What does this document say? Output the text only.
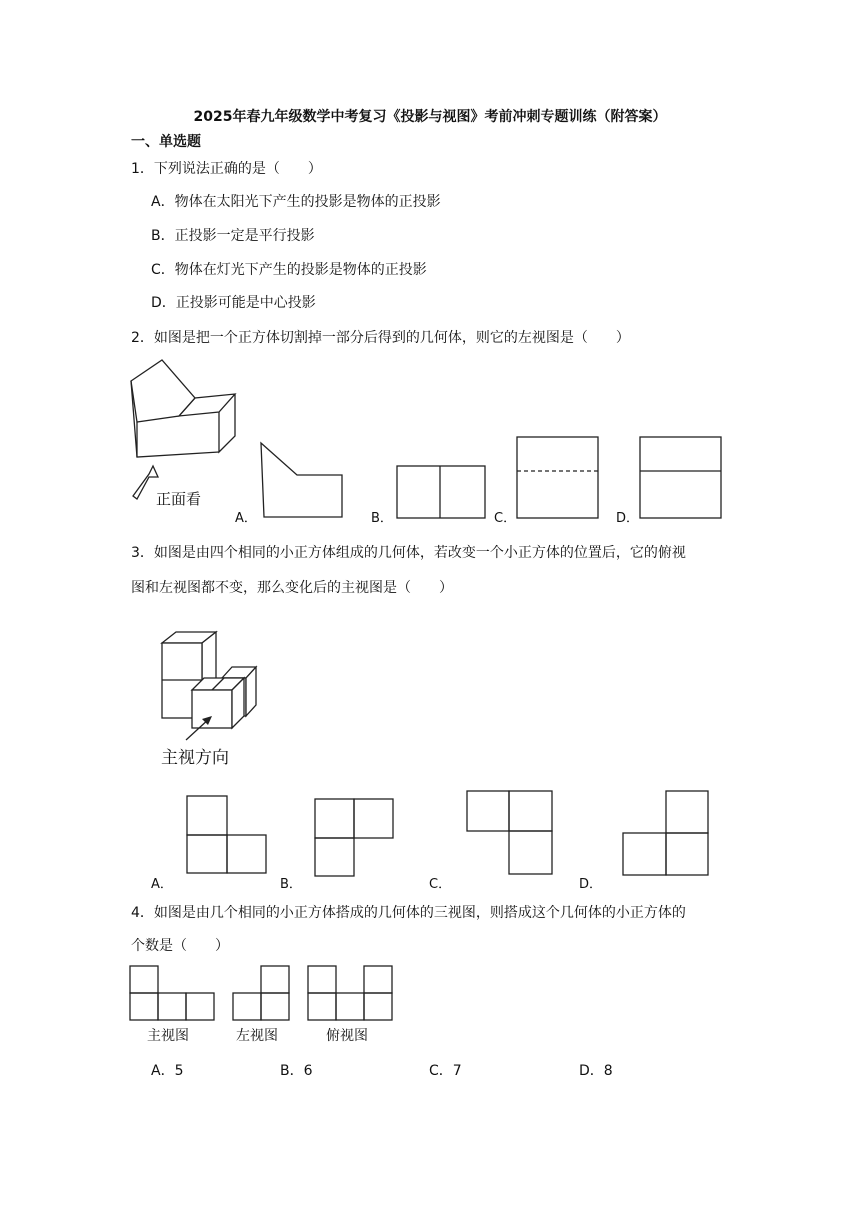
2025年春九年级数学中考复习《投影与视图》考前冲刺专题训练（附答案）
一、单选题
1．下列说法正确的是（　　）
A．物体在太阳光下产生的投影是物体的正投影
B．正投影一定是平行投影
C．物体在灯光下产生的投影是物体的正投影
D．正投影可能是中心投影
2．如图是把一个正方体切割掉一部分后得到的几何体，则它的左视图是（　　）
正面看
A．	B．	C．	D．
3．如图是由四个相同的小正方体组成的几何体，若改变一个小正方体的位置后，它的俯视
图和左视图都不变，那么变化后的主视图是（　　）
主视方向
A．	B．	C．	D．
4．如图是由几个相同的小正方体搭成的几何体的三视图，则搭成这个几何体的小正方体的
个数是（　　）
主视图	左视图	俯视图
A．5	B．6	C．7	D．8
